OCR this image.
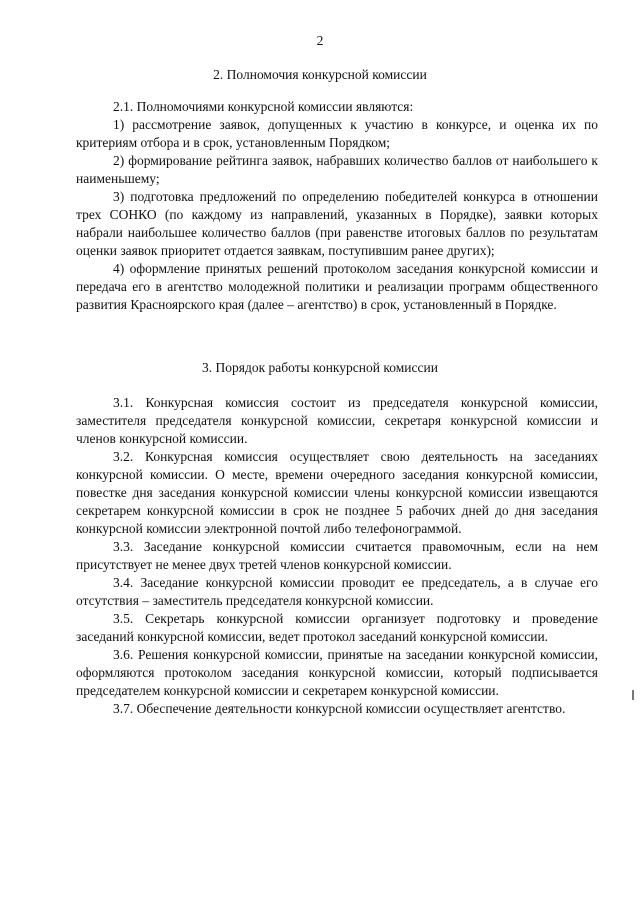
2
2. Полномочия конкурсной комиссии

2.1. Полномочиями конкурсной комиссии являются:

1) рассмотрение заявок, допущенных к участию в конкурсе, и оценка их по критериям отбора и в срок, установленным Порядком;

2) формирование рейтинга заявок, набравших количество баллов от наибольшего к наименьшему;

3) подготовка предложений по определению победителей конкурса в отношении трех СОНКО (по каждому из направлений, указанных в Порядке), заявки которых набрали наибольшее количество баллов (при равенстве итоговых баллов по результатам оценки заявок приоритет отдается заявкам, поступившим ранее других);

4) оформление принятых решений протоколом заседания конкурсной комиссии и передача его в агентство молодежной политики и реализации программ общественного развития Красноярского края (далее – агентство) в срок, установленный в Порядке.

3. Порядок работы конкурсной комиссии

3.1. Конкурсная комиссия состоит из председателя конкурсной комиссии, заместителя председателя конкурсной комиссии, секретаря конкурсной комиссии и членов конкурсной комиссии.

3.2. Конкурсная комиссия осуществляет свою деятельность на заседаниях конкурсной комиссии. О месте, времени очередного заседания конкурсной комиссии, повестке дня заседания конкурсной комиссии члены конкурсной комиссии извещаются секретарем конкурсной комиссии в срок не позднее 5 рабочих дней до дня заседания конкурсной комиссии электронной почтой либо телефонограммой.

3.3. Заседание конкурсной комиссии считается правомочным, если на нем присутствует не менее двух третей членов конкурсной комиссии.

3.4. Заседание конкурсной комиссии проводит ее председатель, а в случае его отсутствия – заместитель председателя конкурсной комиссии.

3.5. Секретарь конкурсной комиссии организует подготовку и проведение заседаний конкурсной комиссии, ведет протокол заседаний конкурсной комиссии.

3.6. Решения конкурсной комиссии, принятые на заседании конкурсной комиссии, оформляются протоколом заседания конкурсной комиссии, который подписывается председателем конкурсной комиссии и секретарем конкурсной комиссии.

3.7. Обеспечение деятельности конкурсной комиссии осуществляет агентство.
